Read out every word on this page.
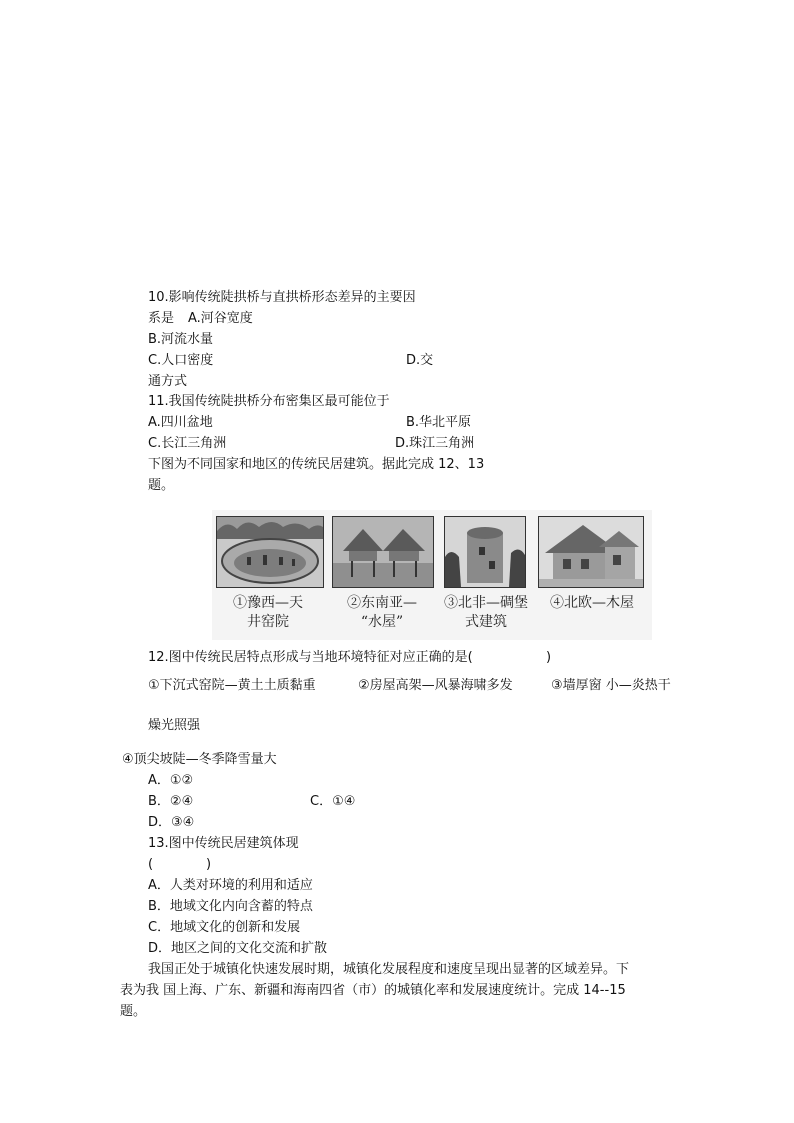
10.影响传统陡拱桥与直拱桥形态差异的主要因
系是 A.河谷宽度
B.河流水量
C.人口密度	D.交
通方式
11.我国传统陡拱桥分布密集区最可能位于
A.四川盆地	B.华北平原
C.长江三角洲	D.珠江三角洲
下图为不同国家和地区的传统民居建筑。据此完成 12、13
题。
①豫西—天
井窑院
②东南亚—
“水屋”
③北非—碉堡
式建筑
④北欧—木屋
12.图中传统民居特点形成与当地环境特征对应正确的是(	)
①下沉式窑院—黄土土质黏重	②房屋高架—风暴海啸多发	③墙厚窗 小—炎热干
燥光照强
④顶尖坡陡—冬季降雪量大
A．①②
B．②④	C．①④
D．③④
13.图中传统民居建筑体现
(	)
A．人类对环境的利用和适应
B．地域文化内向含蓄的特点
C．地域文化的创新和发展
D．地区之间的文化交流和扩散
我国正处于城镇化快速发展时期，城镇化发展程度和速度呈现出显著的区域差异。下
表为我 国上海、广东、新疆和海南四省（市）的城镇化率和发展速度统计。完成 14--15
题。
